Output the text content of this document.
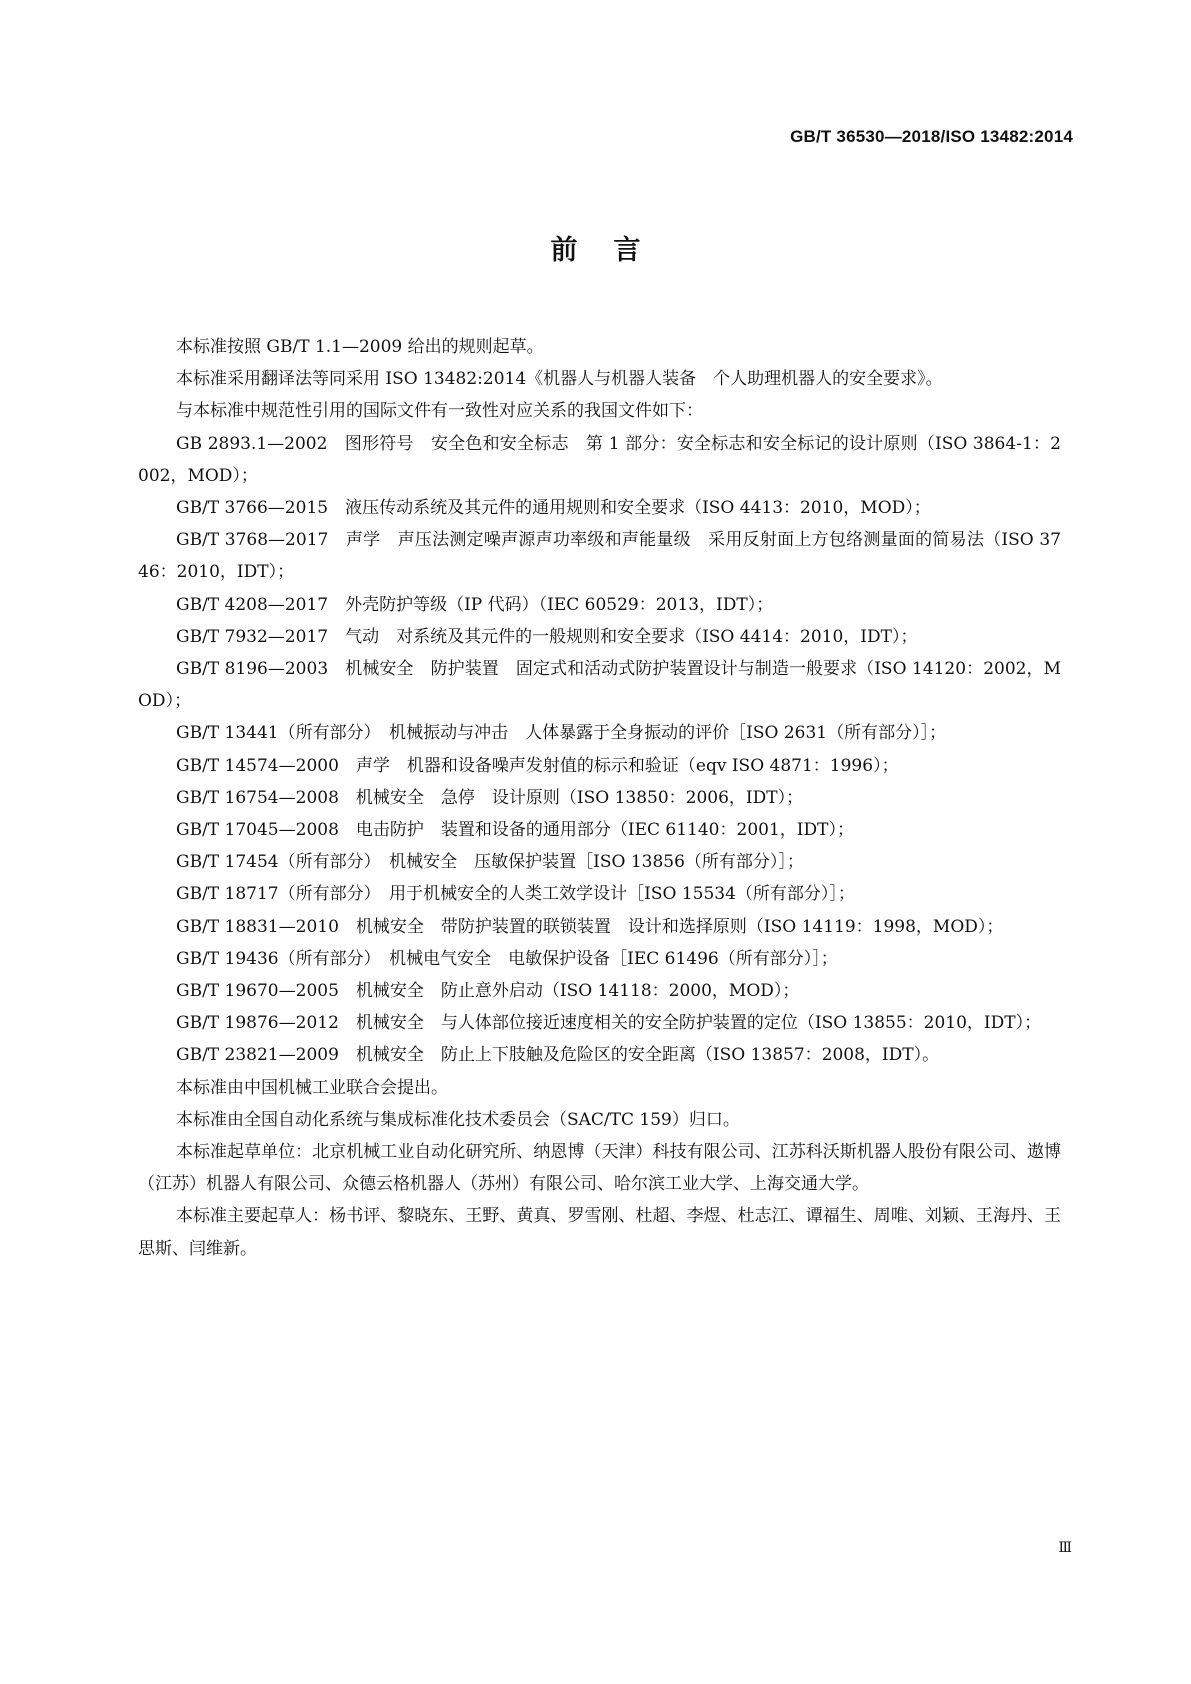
GB/T 36530—2018/ISO 13482:2014
前言

本标准按照 GB/T 1.1—2009 给出的规则起草。

本标准采用翻译法等同采用 ISO 13482:2014《机器人与机器人装备　个人助理机器人的安全要求》。

与本标准中规范性引用的国际文件有一致性对应关系的我国文件如下：

GB 2893.1—2002　图形符号　安全色和安全标志　第 1 部分：安全标志和安全标记的设计原则（ISO 3864-1：2002，MOD）；

GB/T 3766—2015　液压传动系统及其元件的通用规则和安全要求（ISO 4413：2010，MOD）；

GB/T 3768—2017　声学　声压法测定噪声源声功率级和声能量级　采用反射面上方包络测量面的简易法（ISO 3746：2010，IDT）；

GB/T 4208—2017　外壳防护等级（IP 代码）（IEC 60529：2013，IDT）；

GB/T 7932—2017　气动　对系统及其元件的一般规则和安全要求（ISO 4414：2010，IDT）；

GB/T 8196—2003　机械安全　防护装置　固定式和活动式防护装置设计与制造一般要求（ISO 14120：2002，MOD）；

GB/T 13441（所有部分）　机械振动与冲击　人体暴露于全身振动的评价［ISO 2631（所有部分）］；

GB/T 14574—2000　声学　机器和设备噪声发射值的标示和验证（eqv ISO 4871：1996）；

GB/T 16754—2008　机械安全　急停　设计原则（ISO 13850：2006，IDT）；

GB/T 17045—2008　电击防护　装置和设备的通用部分（IEC 61140：2001，IDT）；

GB/T 17454（所有部分）　机械安全　压敏保护装置［ISO 13856（所有部分）］；

GB/T 18717（所有部分）　用于机械安全的人类工效学设计［ISO 15534（所有部分）］；

GB/T 18831—2010　机械安全　带防护装置的联锁装置　设计和选择原则（ISO 14119：1998，MOD）；

GB/T 19436（所有部分）　机械电气安全　电敏保护设备［IEC 61496（所有部分）］；

GB/T 19670—2005　机械安全　防止意外启动（ISO 14118：2000，MOD）；

GB/T 19876—2012　机械安全　与人体部位接近速度相关的安全防护装置的定位（ISO 13855：2010，IDT）；

GB/T 23821—2009　机械安全　防止上下肢触及危险区的安全距离（ISO 13857：2008，IDT）。

本标准由中国机械工业联合会提出。

本标准由全国自动化系统与集成标准化技术委员会（SAC/TC 159）归口。

本标准起草单位：北京机械工业自动化研究所、纳恩博（天津）科技有限公司、江苏科沃斯机器人股份有限公司、遨博（江苏）机器人有限公司、众德云格机器人（苏州）有限公司、哈尔滨工业大学、上海交通大学。

本标准主要起草人：杨书评、黎晓东、王野、黄真、罗雪刚、杜超、李煜、杜志江、谭福生、周唯、刘颖、王海丹、王思斯、闫维新。

Ⅲ
